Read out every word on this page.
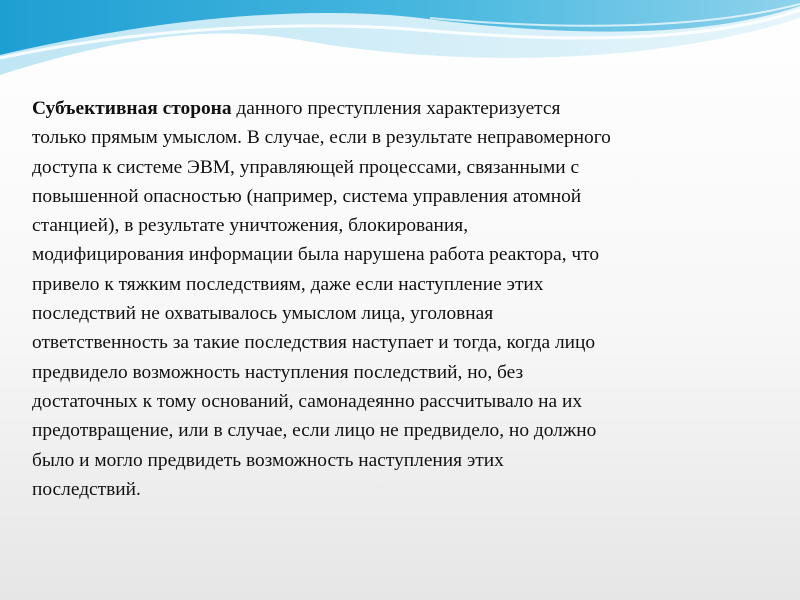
Субъективная сторона данного преступления характеризуется
только прямым умыслом. В случае, если в результате неправомерного
доступа к системе ЭВМ, управляющей процессами, связанными с
повышенной опасностью (например, система управления атомной
станцией), в результате уничтожения, блокирования,
модифицирования информации была нарушена работа реактора, что
привело к тяжким последствиям, даже если наступление этих
последствий не охватывалось умыслом лица, уголовная
ответственность за такие последствия наступает и тогда, когда лицо
предвидело возможность наступления последствий, но, без
достаточных к тому оснований, самонадеянно рассчитывало на их
предотвращение, или в случае, если лицо не предвидело, но должно
было и могло предвидеть возможность наступления этих
последствий.
